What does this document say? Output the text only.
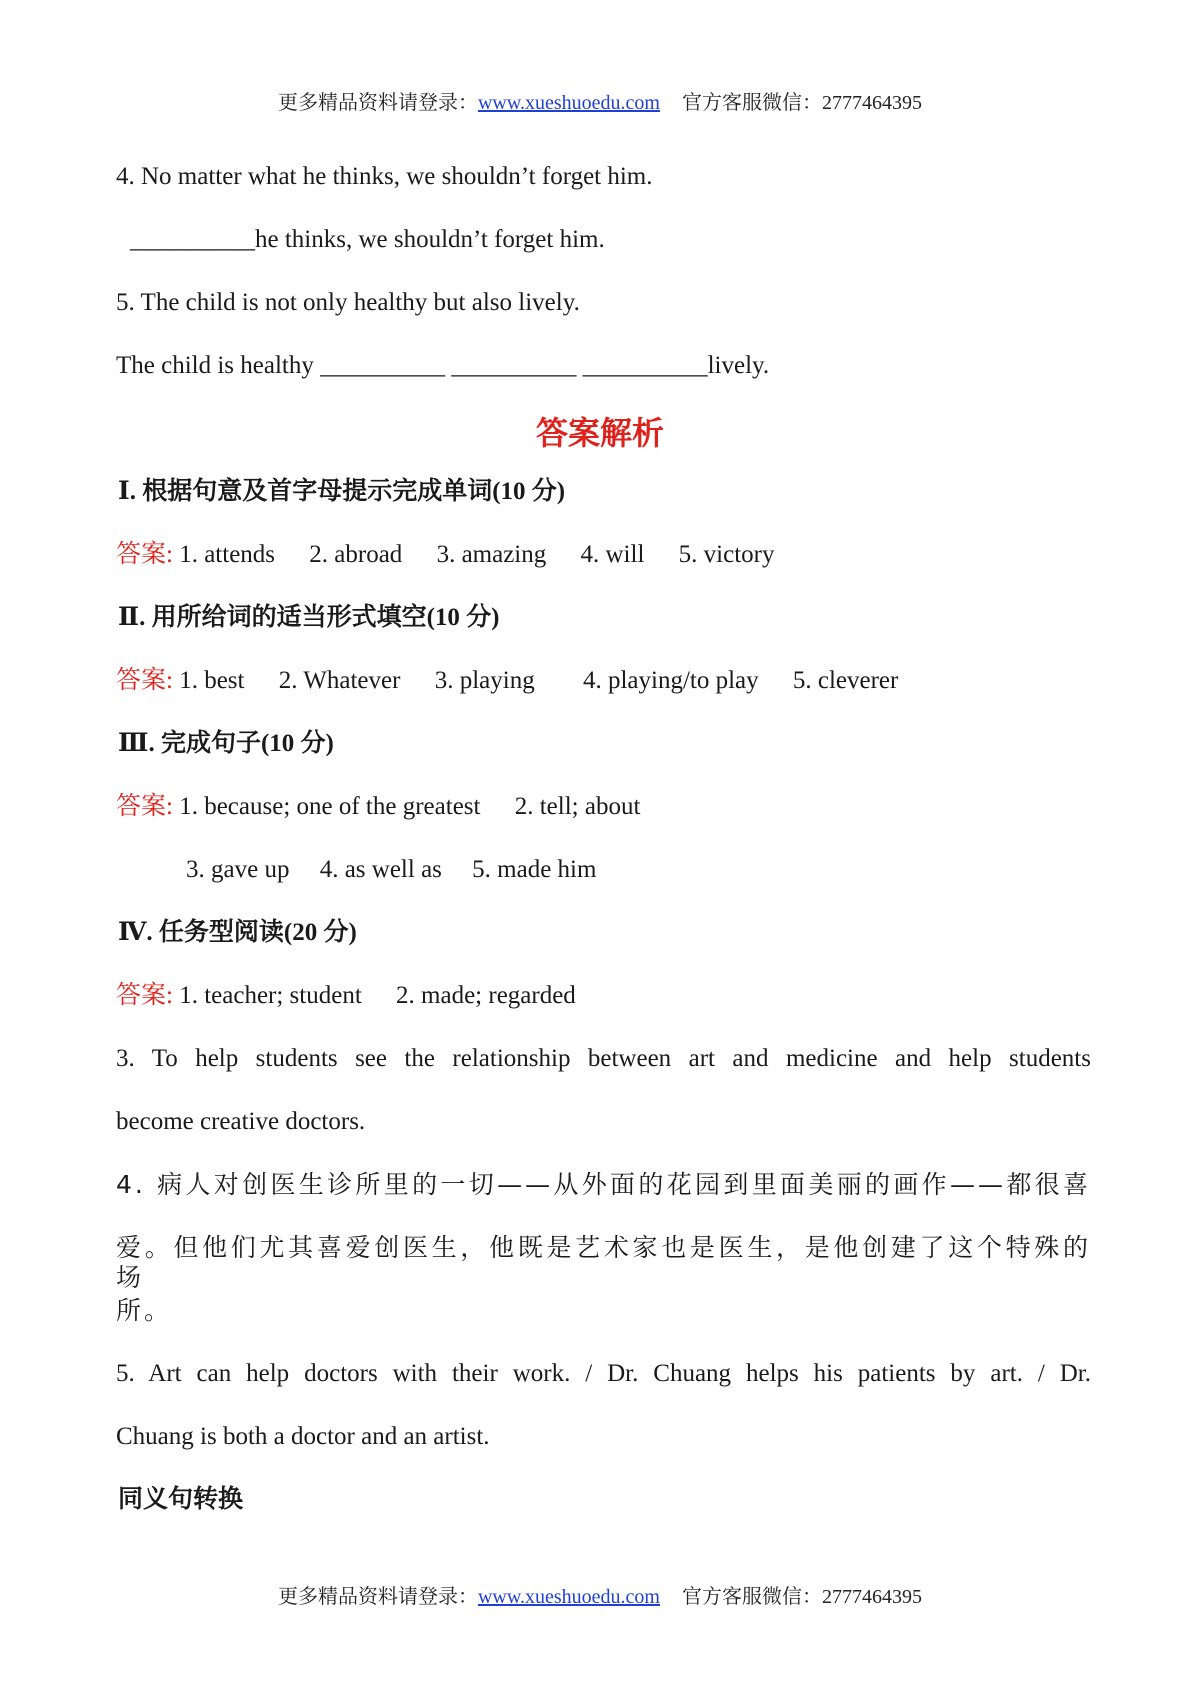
更多精品资料请登录：www.xueshuoedu.com 官方客服微信：2777464395
4. No matter what he thinks, we shouldn’t forget him.
__________he thinks, we shouldn’t forget him.
5. The child is not only healthy but also lively.
The child is healthy __________ __________ __________lively.
答案解析
Ⅰ. 根据句意及首字母提示完成单词(10 分)
答案: 1. attends 2. abroad 3. amazing 4. will 5. victory
Ⅱ. 用所给词的适当形式填空(10 分)
答案: 1. best 2. Whatever 3. playing 4. playing/to play 5. cleverer
Ⅲ. 完成句子(10 分)
答案: 1. because; one of the greatest 2. tell; about
3. gave up 4. as well as 5. made him
Ⅳ. 任务型阅读(20 分)
答案: 1. teacher; student 2. made; regarded
3. To help students see the relationship between art and medicine and help students
become creative doctors.
4. 病人对创医生诊所里的一切——从外面的花园到里面美丽的画作——都很喜
爱。但他们尤其喜爱创医生，他既是艺术家也是医生，是他创建了这个特殊的场
所。
5. Art can help doctors with their work. / Dr. Chuang helps his patients by art. / Dr.
Chuang is both a doctor and an artist.
同义句转换
更多精品资料请登录：www.xueshuoedu.com 官方客服微信：2777464395
